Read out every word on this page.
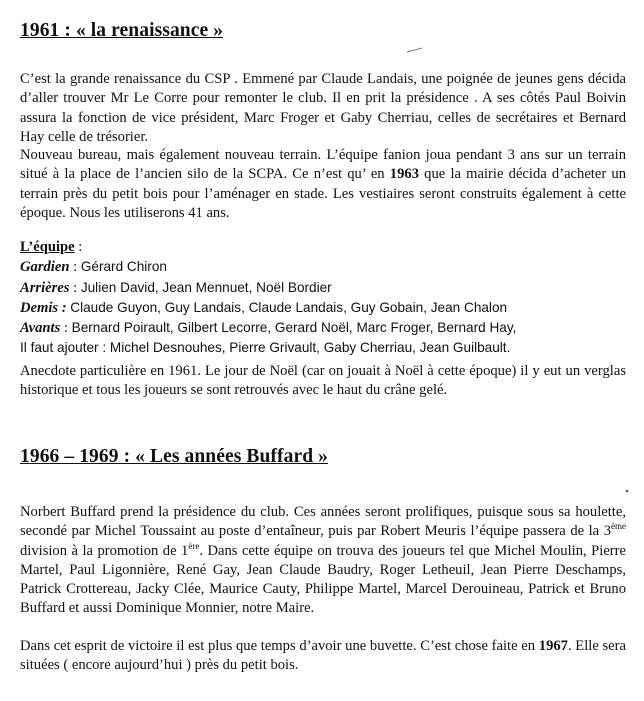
1961 : « la renaissance »
C’est la grande renaissance du CSP . Emmené par Claude Landais, une poignée de jeunes gens décida d’aller trouver Mr Le Corre pour remonter le club. Il en prit la présidence . A ses côtés Paul Boivin assura la fonction de vice président, Marc Froger et Gaby Cherriau, celles de secrétaires et Bernard Hay celle de trésorier.
Nouveau bureau, mais également nouveau terrain. L’équipe fanion joua pendant 3 ans sur un terrain situé à la place de l’ancien silo de la SCPA. Ce n’est qu’ en 1963 que la mairie décida d’acheter un terrain près du petit bois pour l’aménager en stade. Les vestiaires seront construits également à cette époque. Nous les utiliserons 41 ans.
L’équipe :
Gardien : Gérard Chiron
Arrières : Julien David, Jean Mennuet, Noël Bordier
Demis : Claude Guyon, Guy Landais, Claude Landais, Guy Gobain, Jean Chalon
Avants : Bernard Poirault, Gilbert Lecorre, Gerard Noël, Marc Froger, Bernard Hay,
Il faut ajouter : Michel Desnouhes, Pierre Grivault, Gaby Cherriau, Jean Guilbault.
Anecdote particulière en 1961. Le jour de Noël (car on jouait à Noël à cette époque) il y eut un verglas historique et tous les joueurs se sont retrouvés avec le haut du crâne gelé.
1966 – 1969 : « Les années Buffard »
Norbert Buffard prend la présidence du club. Ces années seront prolifiques, puisque sous sa houlette, secondé par Michel Toussaint au poste d’entaîneur, puis par Robert Meuris l’équipe passera de la 3ème division à la promotion de 1ère. Dans cette équipe on trouva des joueurs tel que Michel Moulin, Pierre Martel, Paul Ligonnière, René Gay, Jean Claude Baudry, Roger Letheuil, Jean Pierre Deschamps, Patrick Crottereau, Jacky Clée, Maurice Cauty, Philippe Martel, Marcel Derouineau, Patrick et Bruno Buffard et aussi Dominique Monnier, notre Maire.
Dans cet esprit de victoire il est plus que temps d’avoir une buvette. C’est chose faite en 1967. Elle sera situées ( encore aujourd’hui ) près du petit bois.
